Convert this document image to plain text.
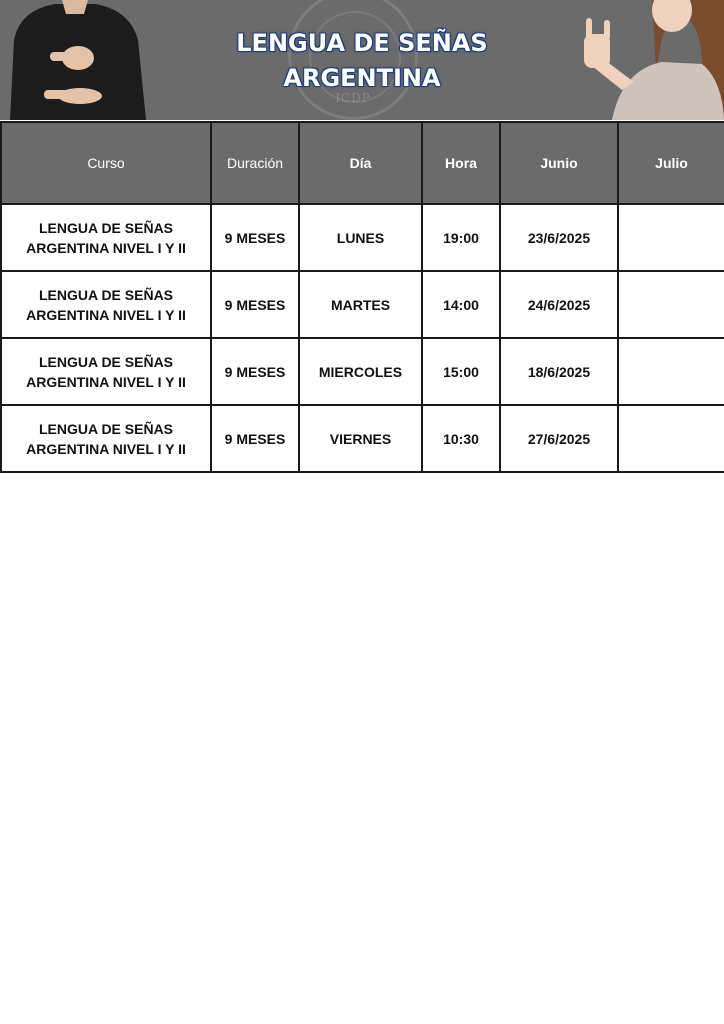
ICDP
LENGUA DE SEÑAS
ARGENTINA
Curso	Duración	Día	Hora	Junio	Julio
LENGUA DE SEÑAS ARGENTINA NIVEL I Y II	9 MESES	LUNES	19:00	23/6/2025	
LENGUA DE SEÑAS ARGENTINA NIVEL I Y II	9 MESES	MARTES	14:00	24/6/2025	
LENGUA DE SEÑAS ARGENTINA NIVEL I Y II	9 MESES	MIERCOLES	15:00	18/6/2025	
LENGUA DE SEÑAS ARGENTINA NIVEL I Y II	9 MESES	VIERNES	10:30	27/6/2025	
